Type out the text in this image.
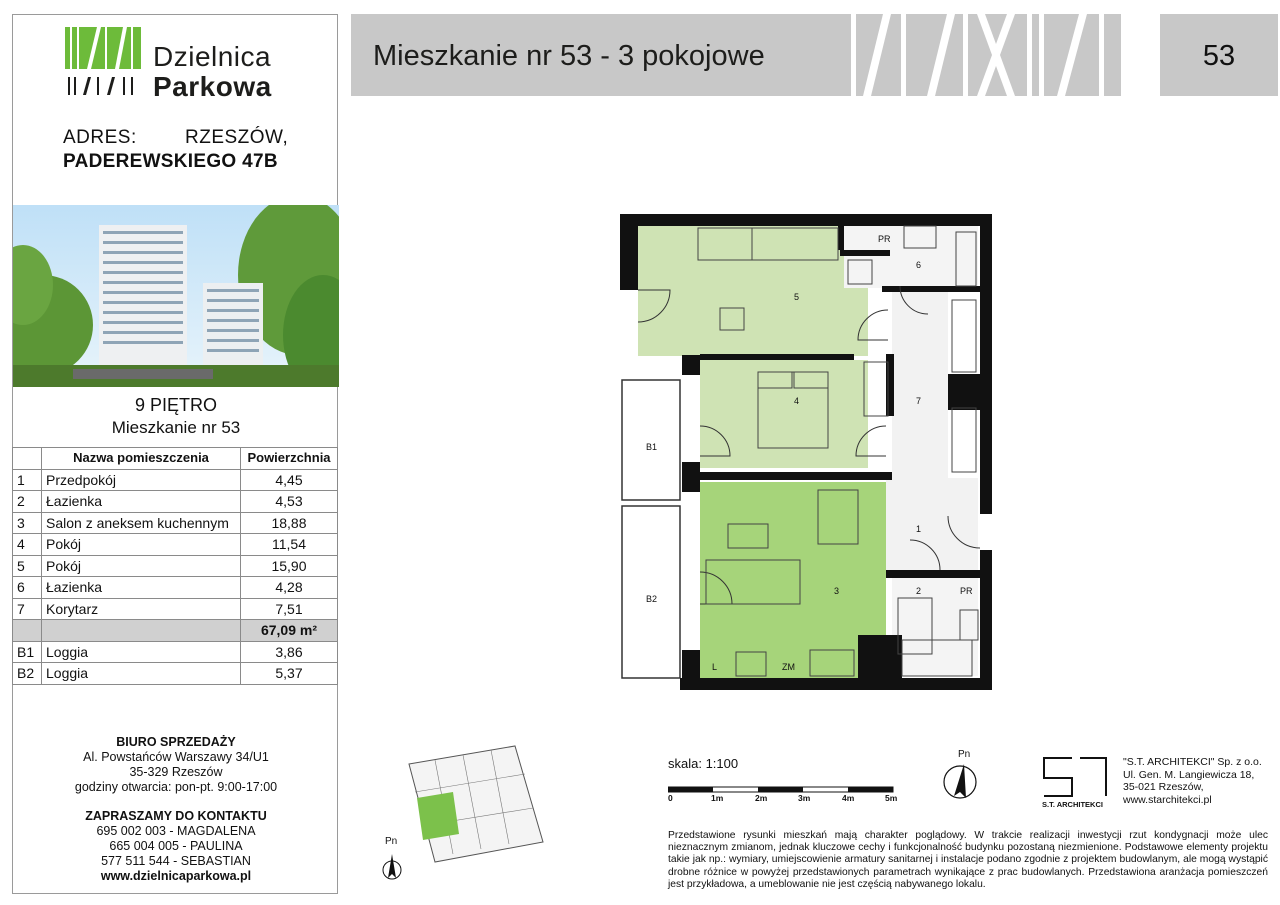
Dzielnica
Parkowa
ADRES:	RZESZÓW,
PADEREWSKIEGO 47B
9 PIĘTRO
Mieszkanie nr 53
	Nazwa pomieszczenia	Powierzchnia
1	Przedpokój	4,45
2	Łazienka	4,53
3	Salon z aneksem kuchennym	18,88
4	Pokój	11,54
5	Pokój	15,90
6	Łazienka	4,28
7	Korytarz	7,51
		67,09 m²
B1	Loggia	3,86
B2	Loggia	5,37
BIURO SPRZEDAŻY
Al. Powstańców Warszawy 34/U1
35-329 Rzeszów
godziny otwarcia: pon-pt. 9:00-17:00
ZAPRASZAMY DO KONTAKTU
695 002 003 - MAGDALENA
665 004 005 - PAULINA
577 511 544 - SEBASTIAN
www.dzielnicaparkowa.pl
Mieszkanie nr 53 - 3 pokojowe	53
5
4
3
1
2
7
6
B1
B2
PR
PR
L	ZM
Pn
skala: 1:100
0	1m	2m	3m	4m	5m
Pn
S.T. ARCHITEKCI
"S.T. ARCHITEKCI" Sp. z o.o.
Ul. Gen. M. Langiewicza 18,
35-021 Rzeszów,
www.starchitekci.pl
Przedstawione rysunki mieszkań mają charakter poglądowy. W trakcie realizacji inwestycji rzut kondygnacji może ulec nieznacznym zmianom, jednak kluczowe cechy i funkcjonalność budynku pozostaną niezmienione. Podstawowe elementy projektu takie jak np.: wymiary, umiejscowienie armatury sanitarnej i instalacje podano zgodnie z projektem budowlanym, ale mogą wystąpić drobne różnice w powyżej przedstawionych parametrach wynikające z prac budowlanych. Przedstawiona aranżacja pomieszczeń jest przykładowa, a umeblowanie nie jest częścią nabywanego lokalu.
